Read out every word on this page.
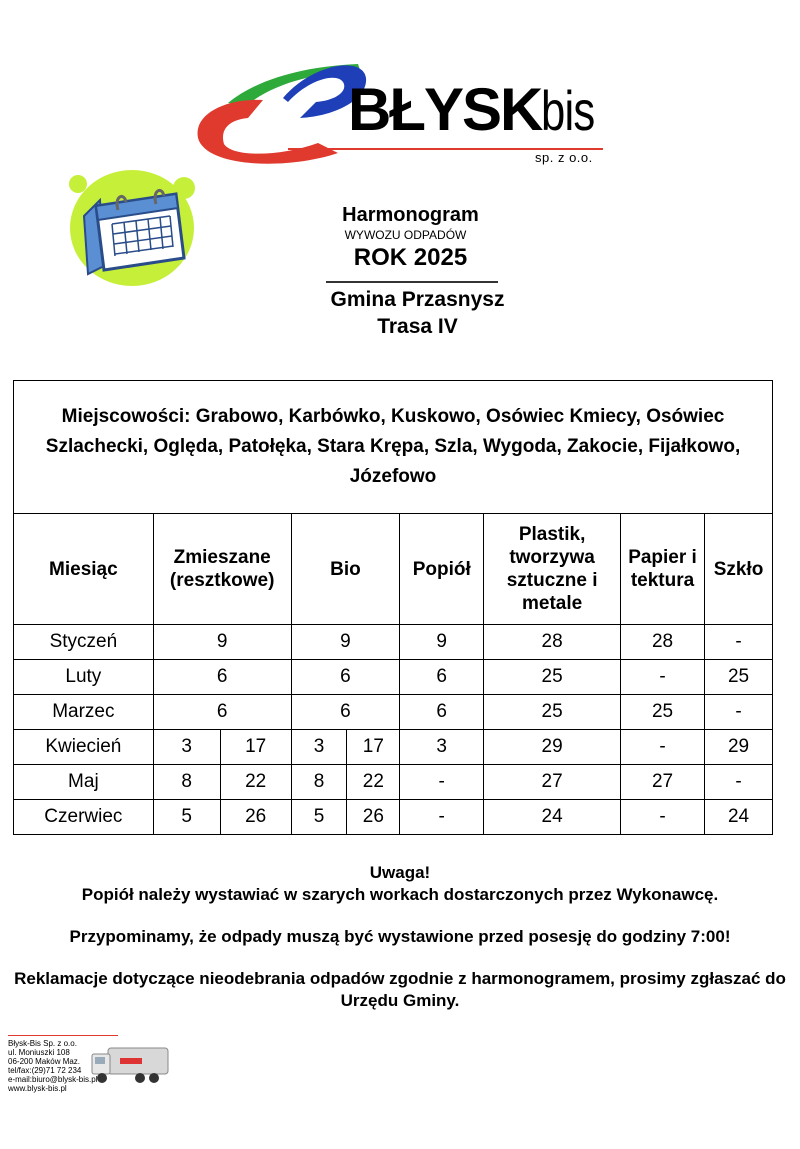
BŁYSKbis
sp. z o.o.
Harmonogram
WYWOZU ODPADÓW
ROK 2025
Gmina Przasnysz
Trasa IV
Miejscowości: Grabowo, Karbówko, Kuskowo, Osówiec Kmiecy, Osówiec Szlachecki, Oględa, Patołęka, Stara Krępa, Szla, Wygoda, Zakocie, Fijałkowo, Józefowo								
Miesiąc	Zmieszane (resztkowe)		Bio		Popiół	Plastik, tworzywa sztuczne i metale	Papier i tektura	Szkło
Styczeń	9		9		9	28	28	-
Luty	6		6		6	25	-	25
Marzec	6		6		6	25	25	-
Kwiecień	3	17	3	17	3	29	-	29
Maj	8	22	8	22	-	27	27	-
Czerwiec	5	26	5	26	-	24	-	24

Uwaga!

Popiół należy wystawiać w szarych workach dostarczonych przez Wykonawcę.

Przypominamy, że odpady muszą być wystawione przed posesję do godziny 7:00!

Reklamacje dotyczące nieodebrania odpadów zgodnie z harmonogramem, prosimy zgłaszać do Urzędu Gminy.

Błysk-Bis Sp. z o.o.
ul. Moniuszki 108
06-200 Maków Maz.
tel/fax:(29)71 72 234
e-mail:biuro@blysk-bis.pl
www.blysk-bis.pl
